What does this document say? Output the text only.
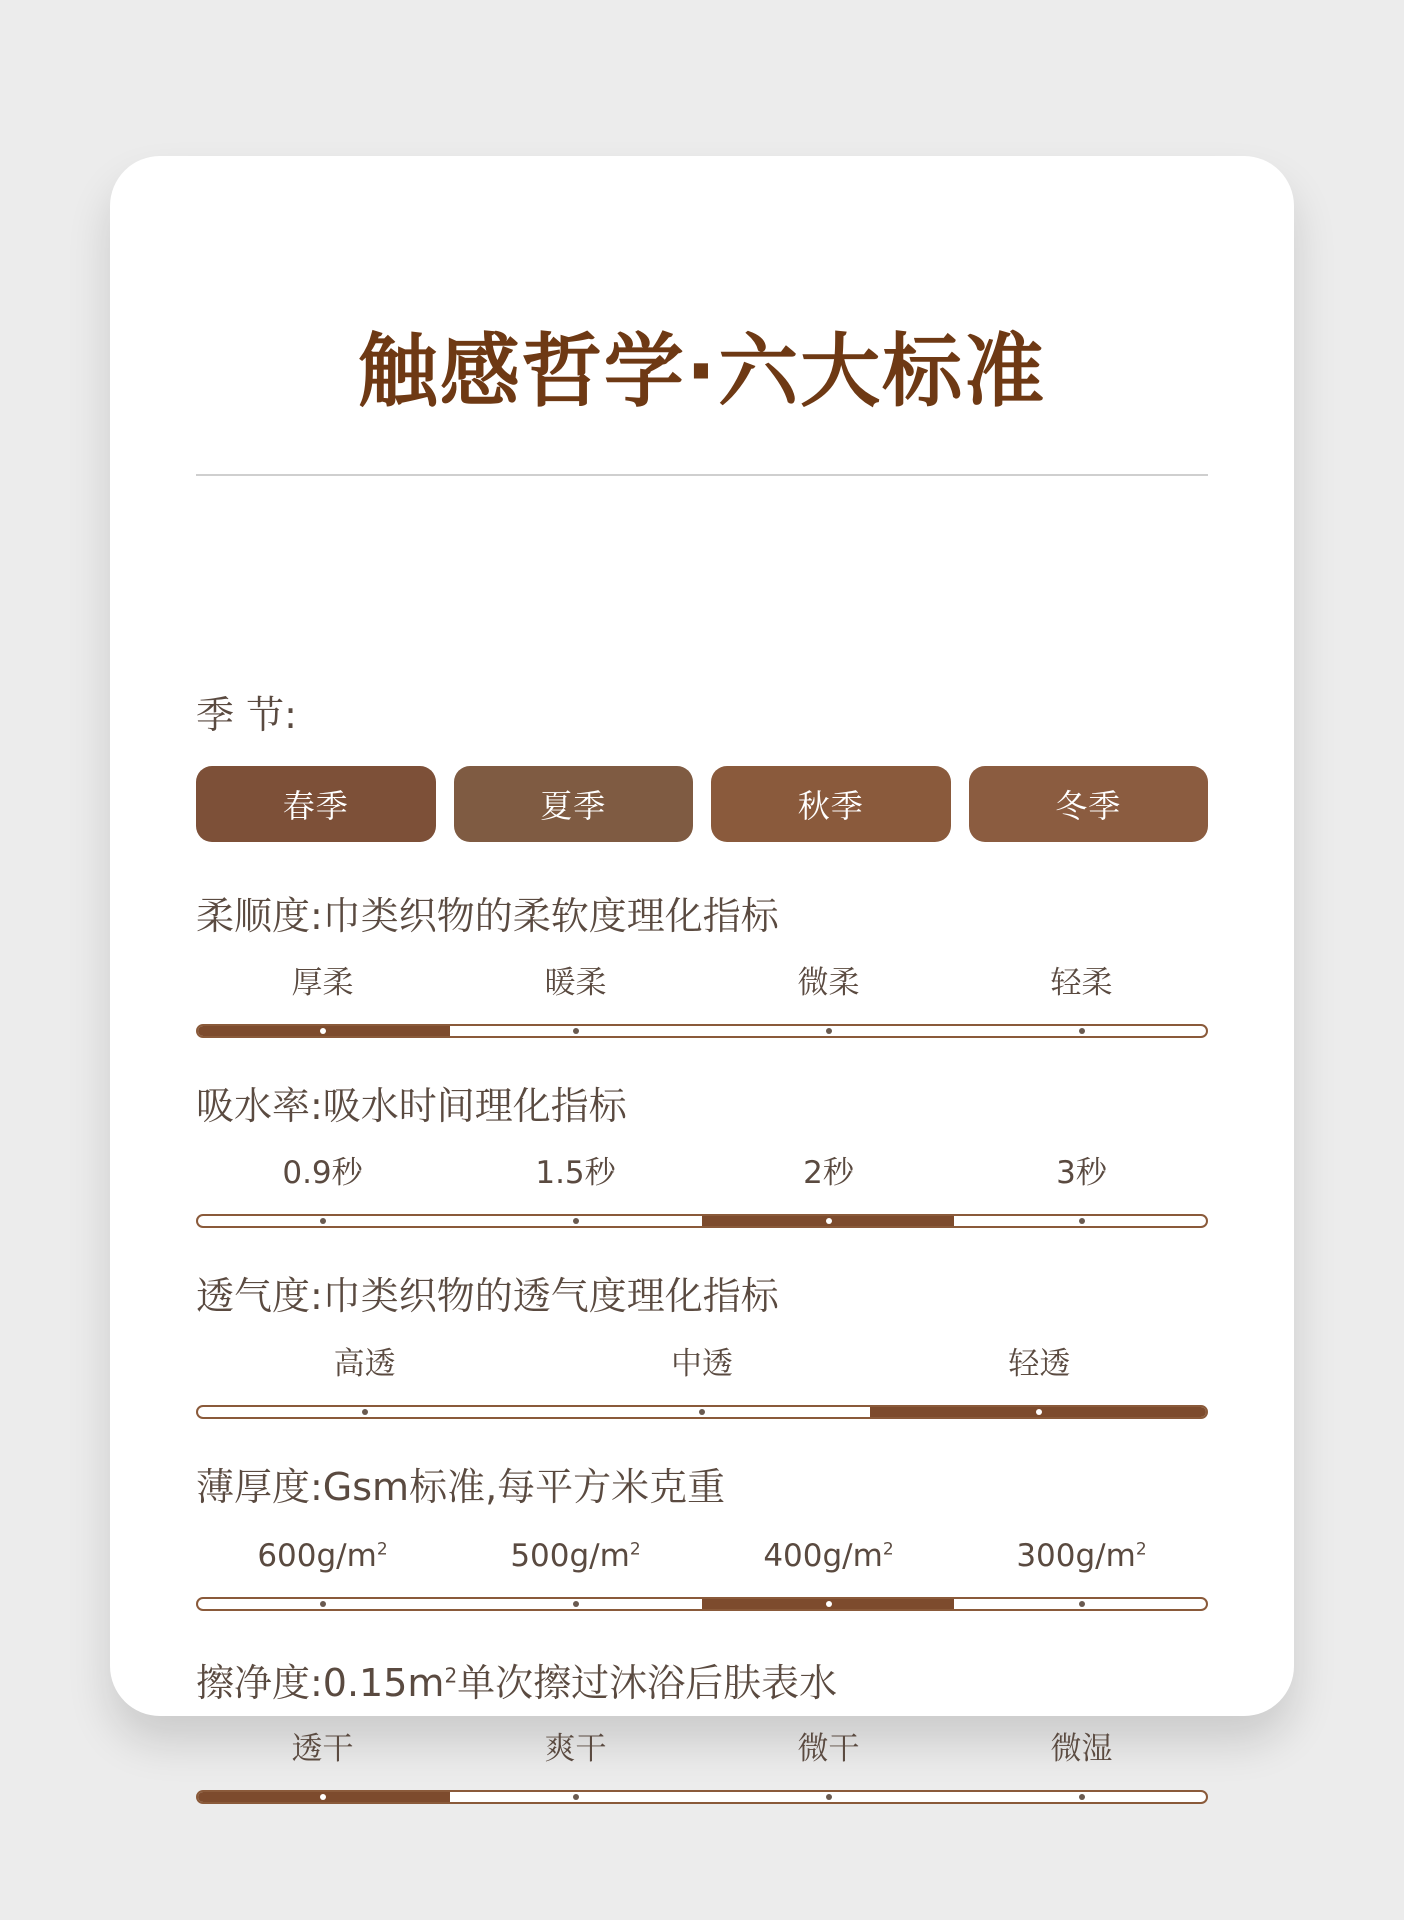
触感哲学·六大标准
季 节:
春季	夏季	秋季	冬季
柔顺度:巾类织物的柔软度理化指标
厚柔	暖柔	微柔	轻柔
吸水率:吸水时间理化指标
0.9秒	1.5秒	2秒	3秒
透气度:巾类织物的透气度理化指标
高透	中透	轻透
薄厚度:Gsm标准,每平方米克重
$600g/m^2$	$500g/m^2$	$400g/m^2$	$300g/m^2$
擦净度$:0.15m^2$单次擦过沐浴后肤表水
透干	爽干	微干	微湿
